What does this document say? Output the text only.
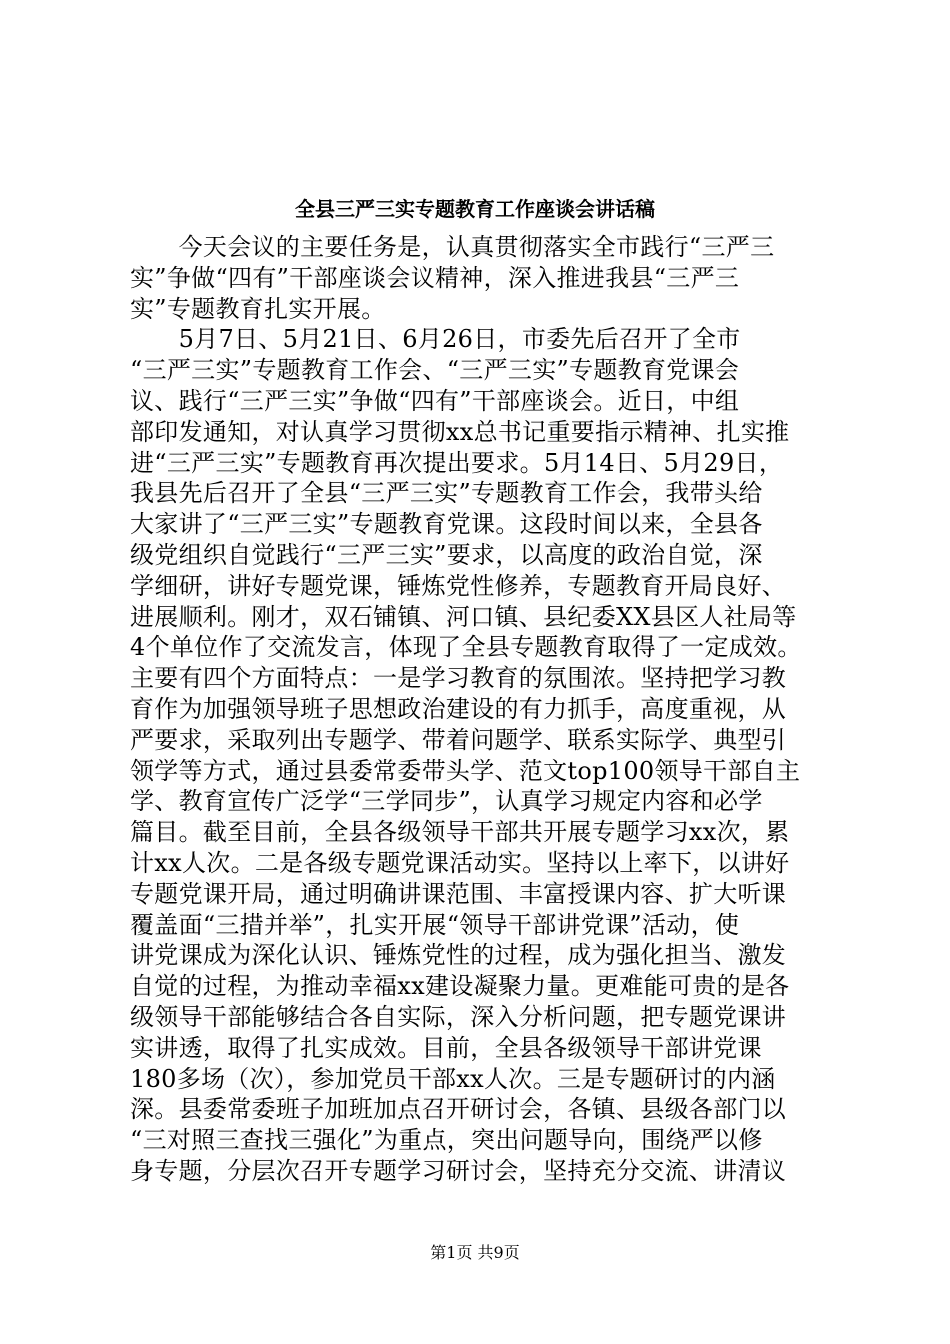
全县三严三实专题教育工作座谈会讲话稿
　　今天会议的主要任务是，认真贯彻落实全市践行“三严三
实”争做“四有”干部座谈会议精神，深入推进我县“三严三
实”专题教育扎实开展。
　　5月7日、5月21日、6月26日，市委先后召开了全市
“三严三实”专题教育工作会、“三严三实”专题教育党课会
议、践行“三严三实”争做“四有”干部座谈会。近日，中组
部印发通知，对认真学习贯彻xx总书记重要指示精神、扎实推
进“三严三实”专题教育再次提出要求。5月14日、5月29日，
我县先后召开了全县“三严三实”专题教育工作会，我带头给
大家讲了“三严三实”专题教育党课。这段时间以来，全县各
级党组织自觉践行“三严三实”要求，以高度的政治自觉，深
学细研，讲好专题党课，锤炼党性修养，专题教育开局良好、
进展顺利。刚才，双石铺镇、河口镇、县纪委XX县区人社局等
4个单位作了交流发言，体现了全县专题教育取得了一定成效。
主要有四个方面特点：一是学习教育的氛围浓。坚持把学习教
育作为加强领导班子思想政治建设的有力抓手，高度重视，从
严要求，采取列出专题学、带着问题学、联系实际学、典型引
领学等方式，通过县委常委带头学、范文top100领导干部自主
学、教育宣传广泛学“三学同步”，认真学习规定内容和必学
篇目。截至目前，全县各级领导干部共开展专题学习xx次，累
计xx人次。二是各级专题党课活动实。坚持以上率下，以讲好
专题党课开局，通过明确讲课范围、丰富授课内容、扩大听课
覆盖面“三措并举”，扎实开展“领导干部讲党课”活动，使
讲党课成为深化认识、锤炼党性的过程，成为强化担当、激发
自觉的过程，为推动幸福xx建设凝聚力量。更难能可贵的是各
级领导干部能够结合各自实际，深入分析问题，把专题党课讲
实讲透，取得了扎实成效。目前，全县各级领导干部讲党课
180多场（次），参加党员干部xx人次。三是专题研讨的内涵
深。县委常委班子加班加点召开研讨会，各镇、县级各部门以
“三对照三查找三强化”为重点，突出问题导向，围绕严以修
身专题，分层次召开专题学习研讨会，坚持充分交流、讲清议
第1页 共9页
